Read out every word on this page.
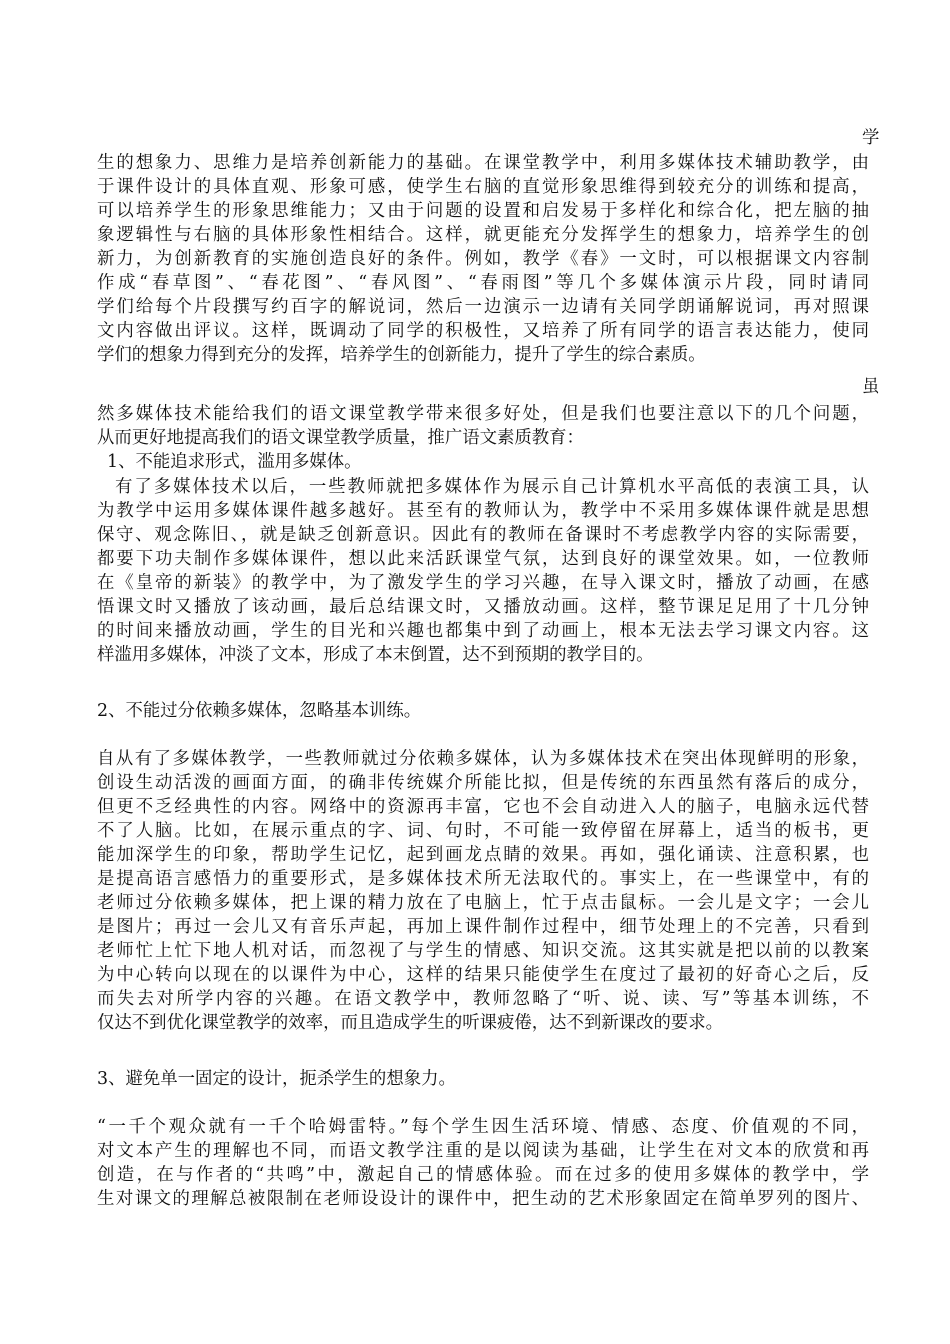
学
生的想象力、思维力是培养创新能力的基础。在课堂教学中，利用多媒体技术辅助教学，由
于课件设计的具体直观、形象可感，使学生右脑的直觉形象思维得到较充分的训练和提高，
可以培养学生的形象思维能力；又由于问题的设置和启发易于多样化和综合化，把左脑的抽
象逻辑性与右脑的具体形象性相结合。这样，就更能充分发挥学生的想象力，培养学生的创
新力，为创新教育的实施创造良好的条件。例如，教学《春》一文时，可以根据课文内容制
作成“春草图”、“春花图”、“春风图”、“春雨图”等几个多媒体演示片段，同时请同
学们给每个片段撰写约百字的解说词，然后一边演示一边请有关同学朗诵解说词，再对照课
文内容做出评议。这样，既调动了同学的积极性，又培养了所有同学的语言表达能力，使同
学们的想象力得到充分的发挥，培养学生的创新能力，提升了学生的综合素质。
虽
然多媒体技术能给我们的语文课堂教学带来很多好处，但是我们也要注意以下的几个问题，
从而更好地提高我们的语文课堂教学质量，推广语文素质教育：
1、不能追求形式，滥用多媒体。
有了多媒体技术以后，一些教师就把多媒体作为展示自己计算机水平高低的表演工具，认
为教学中运用多媒体课件越多越好。甚至有的教师认为，教学中不采用多媒体课件就是思想
保守、观念陈旧、，就是缺乏创新意识。因此有的教师在备课时不考虑教学内容的实际需要，
都要下功夫制作多媒体课件，想以此来活跃课堂气氛，达到良好的课堂效果。如，一位教师
在《皇帝的新装》的教学中，为了激发学生的学习兴趣，在导入课文时，播放了动画，在感
悟课文时又播放了该动画，最后总结课文时，又播放动画。这样，整节课足足用了十几分钟
的时间来播放动画，学生的目光和兴趣也都集中到了动画上，根本无法去学习课文内容。这
样滥用多媒体，冲淡了文本，形成了本末倒置，达不到预期的教学目的。
2、不能过分依赖多媒体，忽略基本训练。
自从有了多媒体教学，一些教师就过分依赖多媒体，认为多媒体技术在突出体现鲜明的形象，
创设生动活泼的画面方面，的确非传统媒介所能比拟，但是传统的东西虽然有落后的成分，
但更不乏经典性的内容。网络中的资源再丰富，它也不会自动进入人的脑子，电脑永远代替
不了人脑。比如，在展示重点的字、词、句时，不可能一致停留在屏幕上，适当的板书，更
能加深学生的印象，帮助学生记忆，起到画龙点睛的效果。再如，强化诵读、注意积累，也
是提高语言感悟力的重要形式，是多媒体技术所无法取代的。事实上，在一些课堂中，有的
老师过分依赖多媒体，把上课的精力放在了电脑上，忙于点击鼠标。一会儿是文字；一会儿
是图片；再过一会儿又有音乐声起，再加上课件制作过程中，细节处理上的不完善，只看到
老师忙上忙下地人机对话，而忽视了与学生的情感、知识交流。这其实就是把以前的以教案
为中心转向以现在的以课件为中心，这样的结果只能使学生在度过了最初的好奇心之后，反
而失去对所学内容的兴趣。在语文教学中，教师忽略了“听、说、读、写”等基本训练，不
仅达不到优化课堂教学的效率，而且造成学生的听课疲倦，达不到新课改的要求。
3、避免单一固定的设计，扼杀学生的想象力。
“一千个观众就有一千个哈姆雷特。”每个学生因生活环境、情感、态度、价值观的不同，
对文本产生的理解也不同，而语文教学注重的是以阅读为基础，让学生在对文本的欣赏和再
创造，在与作者的“共鸣”中，激起自己的情感体验。而在过多的使用多媒体的教学中，学
生对课文的理解总被限制在老师设设计的课件中，把生动的艺术形象固定在简单罗列的图片、
